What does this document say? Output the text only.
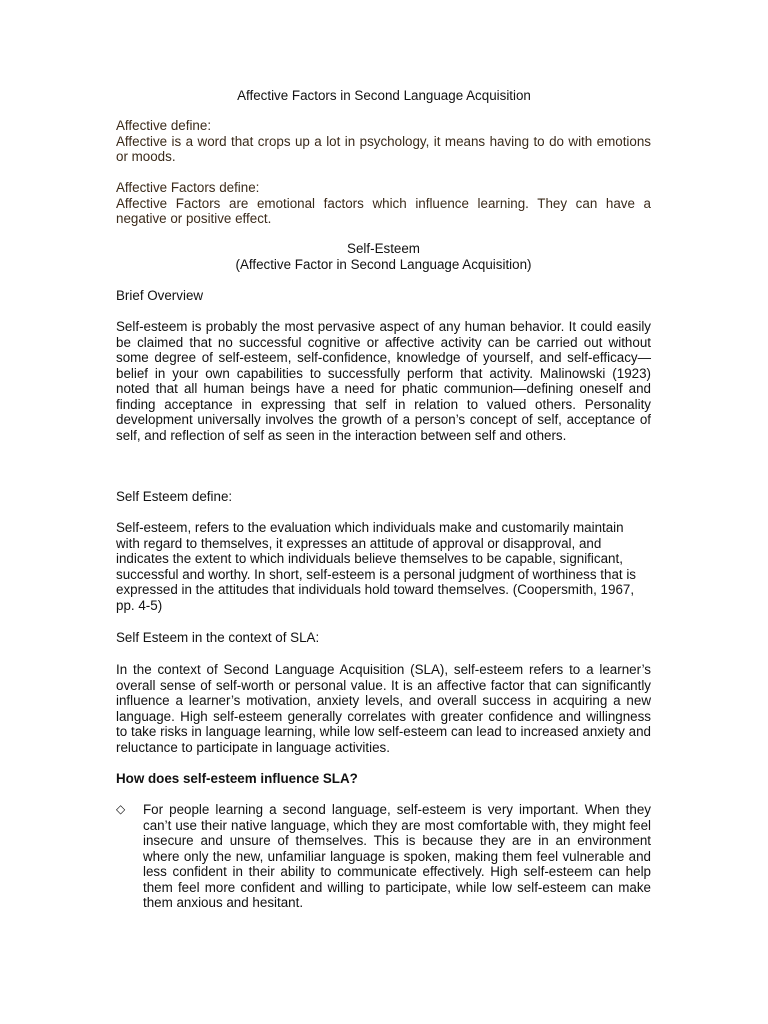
Affective Factors in Second Language Acquisition

Affective define:

Affective is a word that crops up a lot in psychology, it means having to do with emotions or moods.

Affective Factors define:

Affective Factors are emotional factors which influence learning. They can have a negative or positive effect.

Self-Esteem

(Affective Factor in Second Language Acquisition)

Brief Overview

Self-esteem is probably the most pervasive aspect of any human behavior. It could easily be claimed that no successful cognitive or affective activity can be carried out without some degree of self-esteem, self-confidence, knowledge of yourself, and self-efficacy—belief in your own capabilities to successfully perform that activity. Malinowski (1923) noted that all human beings have a need for phatic communion—defining oneself and finding acceptance in expressing that self in relation to valued others. Personality development universally involves the growth of a person’s concept of self, acceptance of self, and reflection of self as seen in the interaction between self and others.

Self Esteem define:

Self-esteem, refers to the evaluation which individuals make and customarily maintain with regard to themselves, it expresses an attitude of approval or disapproval, and indicates the extent to which individuals believe themselves to be capable, significant, successful and worthy. In short, self-esteem is a personal judgment of worthiness that is expressed in the attitudes that individuals hold toward themselves. (Coopersmith, 1967, pp. 4-5)

Self Esteem in the context of SLA:

In the context of Second Language Acquisition (SLA), self-esteem refers to a learner’s overall sense of self-worth or personal value. It is an affective factor that can significantly influence a learner’s motivation, anxiety levels, and overall success in acquiring a new language. High self-esteem generally correlates with greater confidence and willingness to take risks in language learning, while low self-esteem can lead to increased anxiety and reluctance to participate in language activities.

How does self-esteem influence SLA?

◇ For people learning a second language, self-esteem is very important. When they can’t use their native language, which they are most comfortable with, they might feel insecure and unsure of themselves. This is because they are in an environment where only the new, unfamiliar language is spoken, making them feel vulnerable and less confident in their ability to communicate effectively. High self-esteem can help them feel more confident and willing to participate, while low self-esteem can make them anxious and hesitant.
